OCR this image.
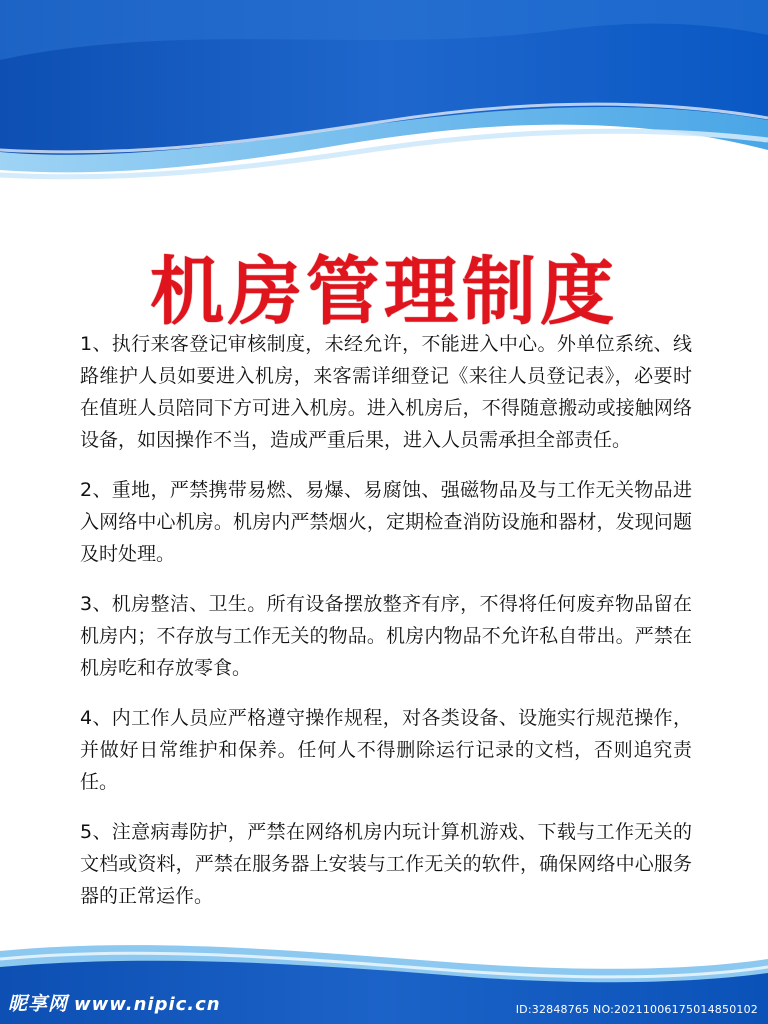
机房管理制度

1、执行来客登记审核制度，未经允许，不能进入中心。外单位系统、线路维护人员如要进入机房，来客需详细登记《来往人员登记表》，必要时在值班人员陪同下方可进入机房。进入机房后，不得随意搬动或接触网络设备，如因操作不当，造成严重后果，进入人员需承担全部责任。

2、重地，严禁携带易燃、易爆、易腐蚀、强磁物品及与工作无关物品进入网络中心机房。机房内严禁烟火，定期检查消防设施和器材，发现问题及时处理。

3、机房整洁、卫生。所有设备摆放整齐有序，不得将任何废弃物品留在机房内；不存放与工作无关的物品。机房内物品不允许私自带出。严禁在机房吃和存放零食。

4、内工作人员应严格遵守操作规程，对各类设备、设施实行规范操作，并做好日常维护和保养。任何人不得删除运行记录的文档，否则追究责任。

5、注意病毒防护，严禁在网络机房内玩计算机游戏、下载与工作无关的文档或资料，严禁在服务器上安装与工作无关的软件，确保网络中心服务器的正常运作。

昵享网 www.nipic.cn	ID:32848765 NO:20211006175014850102
